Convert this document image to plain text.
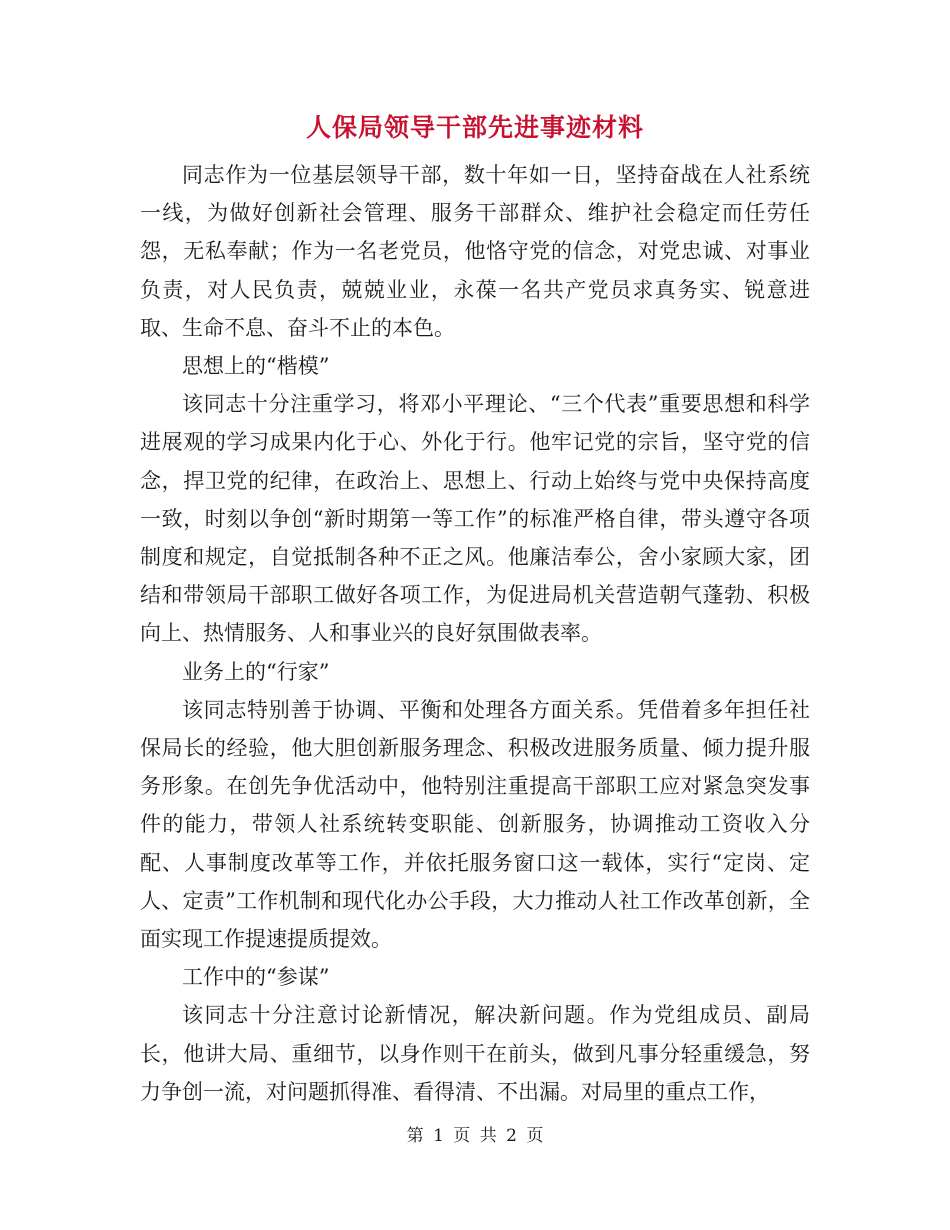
人保局领导干部先进事迹材料

同志作为一位基层领导干部，数十年如一日，坚持奋战在人社系统一线，为做好创新社会管理、服务干部群众、维护社会稳定而任劳任怨，无私奉献；作为一名老党员，他恪守党的信念，对党忠诚、对事业负责，对人民负责，兢兢业业，永葆一名共产党员求真务实、锐意进取、生命不息、奋斗不止的本色。

思想上的“楷模”

该同志十分注重学习，将邓小平理论、“三个代表”重要思想和科学进展观的学习成果内化于心、外化于行。他牢记党的宗旨，坚守党的信念，捍卫党的纪律，在政治上、思想上、行动上始终与党中央保持高度一致，时刻以争创“新时期第一等工作”的标准严格自律，带头遵守各项制度和规定，自觉抵制各种不正之风。他廉洁奉公，舍小家顾大家，团结和带领局干部职工做好各项工作，为促进局机关营造朝气蓬勃、积极向上、热情服务、人和事业兴的良好氛围做表率。

业务上的“行家”

该同志特别善于协调、平衡和处理各方面关系。凭借着多年担任社保局长的经验，他大胆创新服务理念、积极改进服务质量、倾力提升服务形象。在创先争优活动中，他特别注重提高干部职工应对紧急突发事件的能力，带领人社系统转变职能、创新服务，协调推动工资收入分配、人事制度改革等工作，并依托服务窗口这一载体，实行“定岗、定人、定责”工作机制和现代化办公手段，大力推动人社工作改革创新，全面实现工作提速提质提效。

工作中的“参谋”

该同志十分注意讨论新情况，解决新问题。作为党组成员、副局长，他讲大局、重细节，以身作则干在前头，做到凡事分轻重缓急，努力争创一流，对问题抓得准、看得清、不出漏。对局里的重点工作，

第 1 页 共 2 页
